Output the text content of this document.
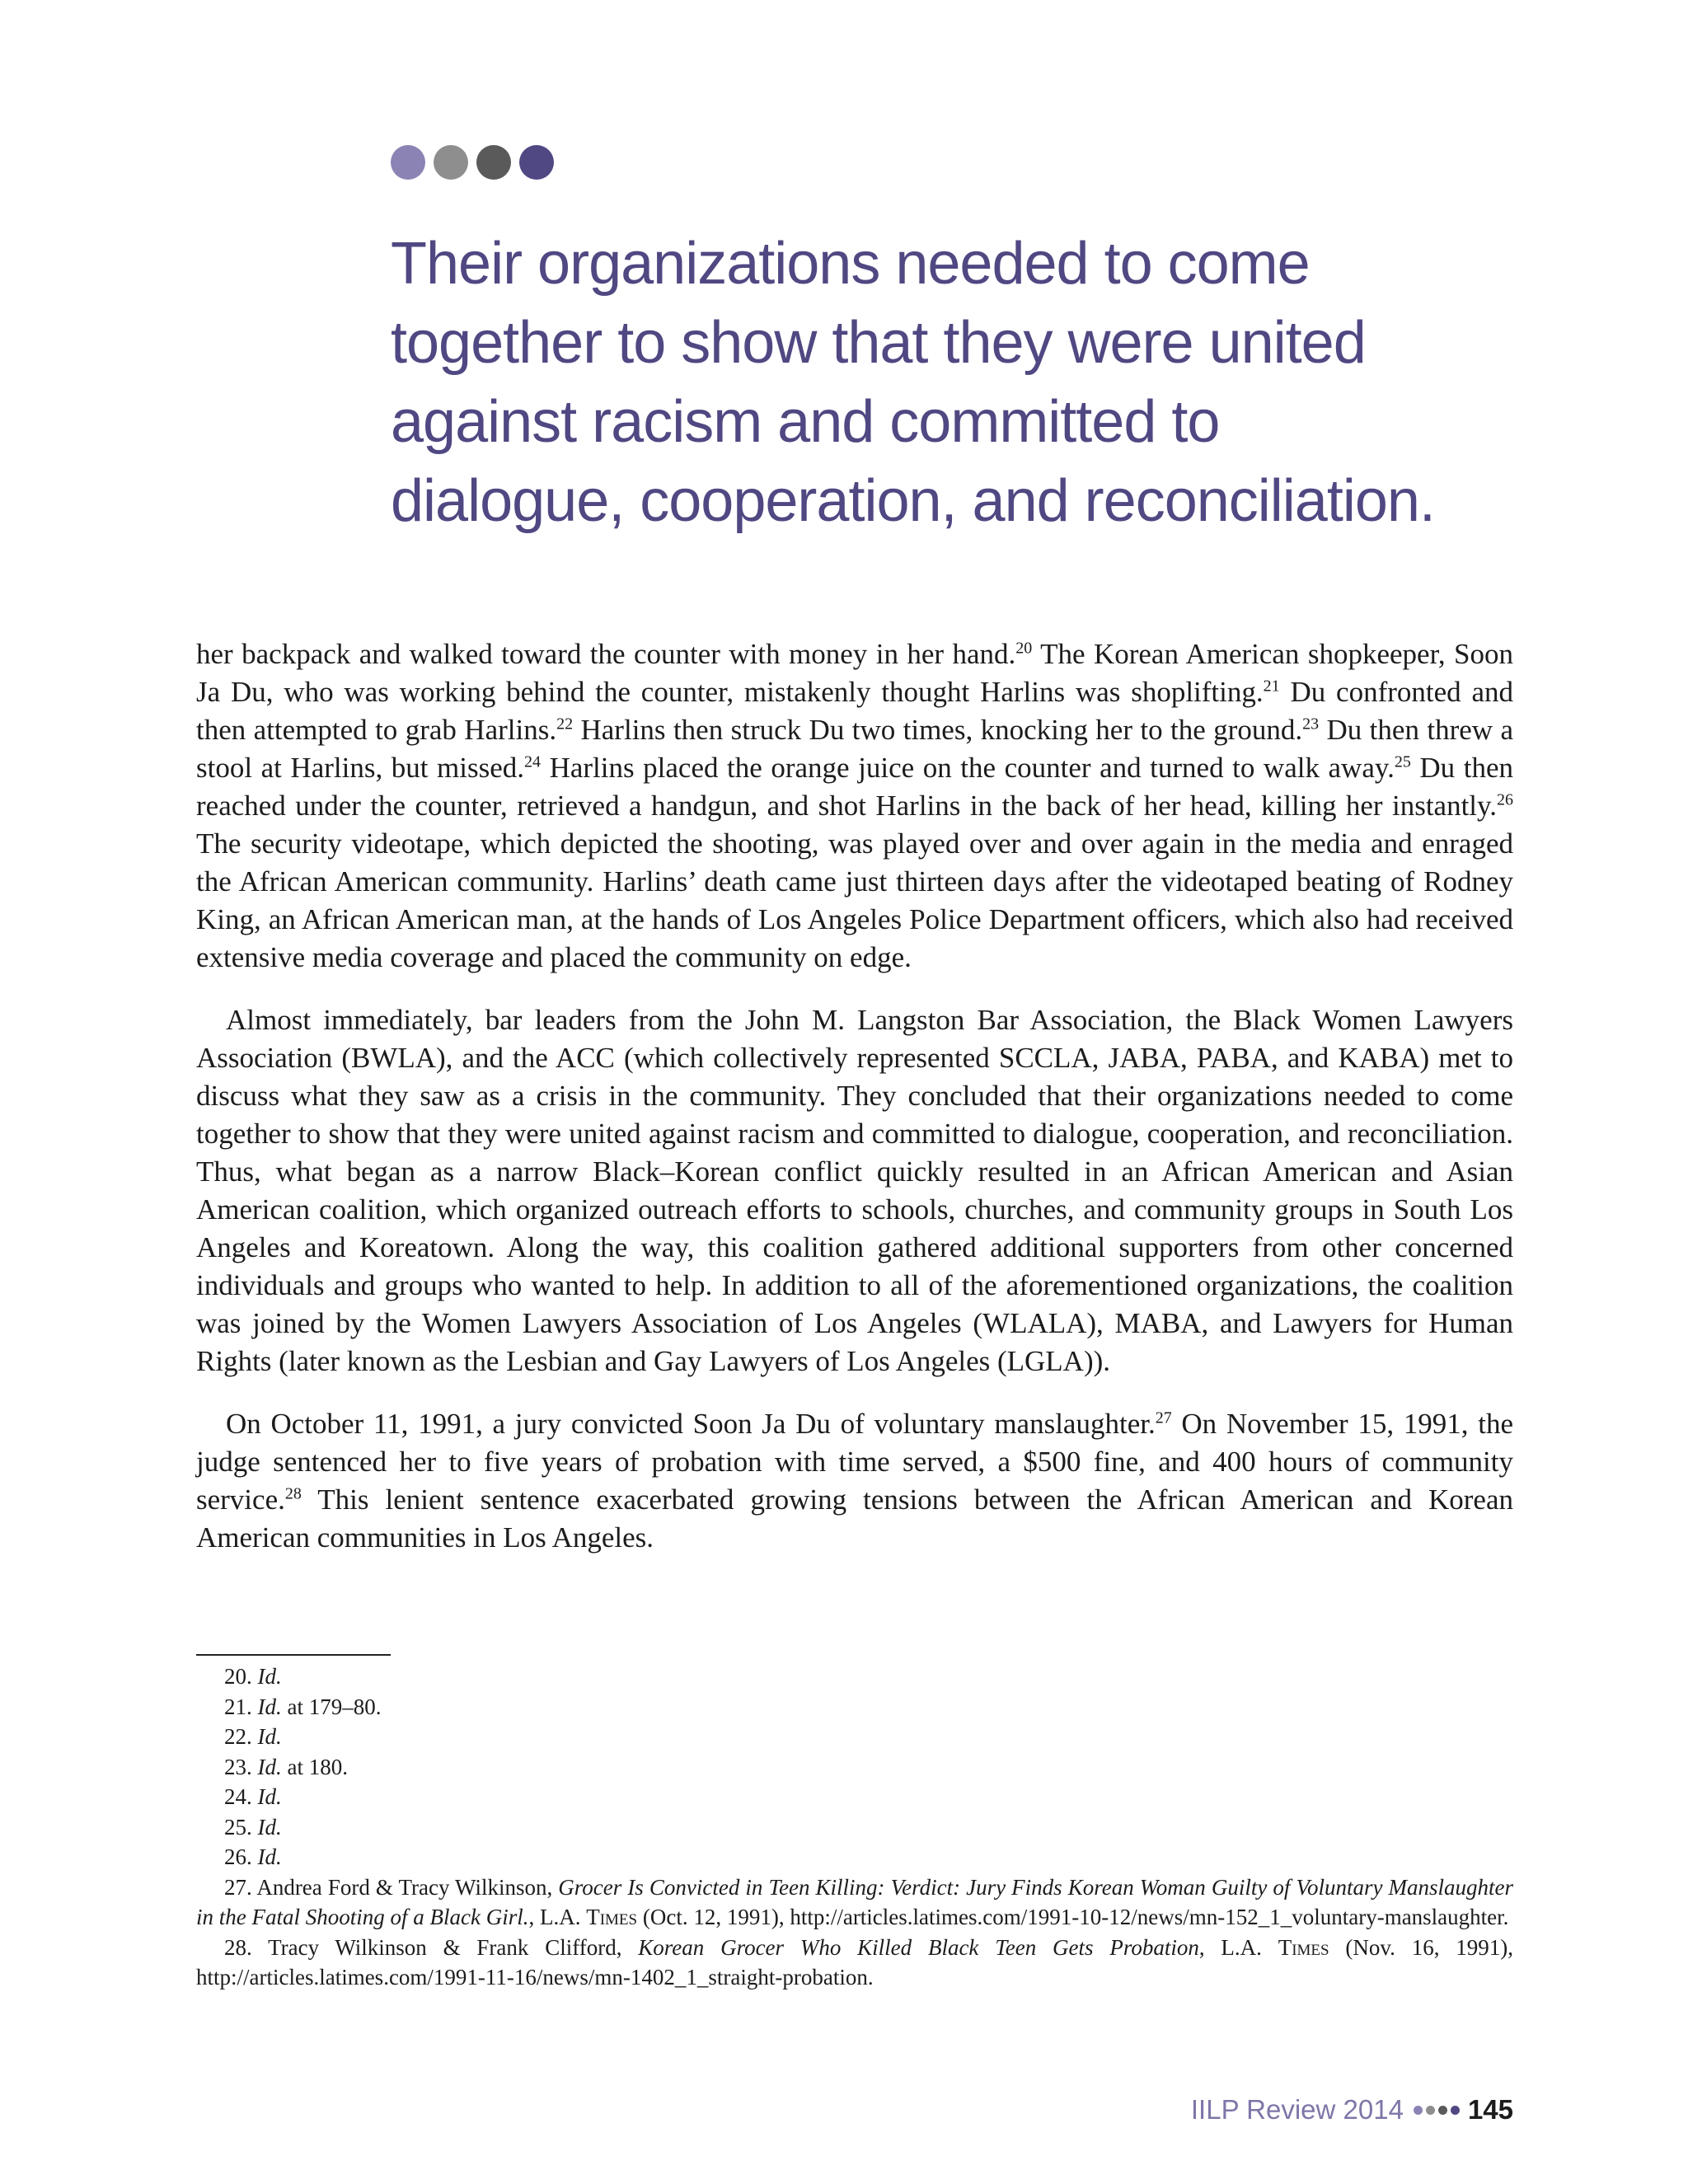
Their organizations needed to come together to show that they were united against racism and committed to dialogue, cooperation, and reconciliation.

her backpack and walked toward the counter with money in her hand.$^{20}$ The Korean American shopkeeper, Soon Ja Du, who was working behind the counter, mistakenly thought Harlins was shoplifting.$^{21}$ Du confronted and then attempted to grab Harlins.$^{22}$ Harlins then struck Du two times, knocking her to the ground.$^{23}$ Du then threw a stool at Harlins, but missed.$^{24}$ Harlins placed the orange juice on the counter and turned to walk away.$^{25}$ Du then reached under the counter, retrieved a handgun, and shot Harlins in the back of her head, killing her instantly.$^{26}$ The security videotape, which depicted the shooting, was played over and over again in the media and enraged the African American community. Harlins’ death came just thirteen days after the videotaped beating of Rodney King, an African American man, at the hands of Los Angeles Police Department officers, which also had received extensive media coverage and placed the community on edge.

Almost immediately, bar leaders from the John M. Langston Bar Association, the Black Women Lawyers Association (BWLA), and the ACC (which collectively represented SCCLA, JABA, PABA, and KABA) met to discuss what they saw as a crisis in the community. They concluded that their organizations needed to come together to show that they were united against racism and committed to dialogue, cooperation, and reconciliation. Thus, what began as a narrow Black–Korean conflict quickly resulted in an African American and Asian American coalition, which organized outreach efforts to schools, churches, and community groups in South Los Angeles and Koreatown. Along the way, this coalition gathered additional supporters from other concerned individuals and groups who wanted to help. In addition to all of the aforementioned organizations, the coalition was joined by the Women Lawyers Association of Los Angeles (WLALA), MABA, and Lawyers for Human Rights (later known as the Lesbian and Gay Lawyers of Los Angeles (LGLA)).

On October 11, 1991, a jury convicted Soon Ja Du of voluntary manslaughter.$^{27}$ On November 15, 1991, the judge sentenced her to five years of probation with time served, a $500 fine, and 400 hours of community service.$^{28}$ This lenient sentence exacerbated growing tensions between the African American and Korean American communities in Los Angeles.

20. Id.
21. Id. at 179–80.
22. Id.
23. Id. at 180.
24. Id.
25. Id.
26. Id.
27. Andrea Ford & Tracy Wilkinson, Grocer Is Convicted in Teen Killing: Verdict: Jury Finds Korean Woman Guilty of Voluntary Manslaughter in the Fatal Shooting of a Black Girl., L.A. Times (Oct. 12, 1991), http://articles.latimes.com/1991-10-12/news/mn-152_1_voluntary-manslaughter.
28. Tracy Wilkinson & Frank Clifford, Korean Grocer Who Killed Black Teen Gets Probation, L.A. Times (Nov. 16, 1991), http://articles.latimes.com/1991-11-16/news/mn-1402_1_straight-probation.
IILP Review 2014 145
